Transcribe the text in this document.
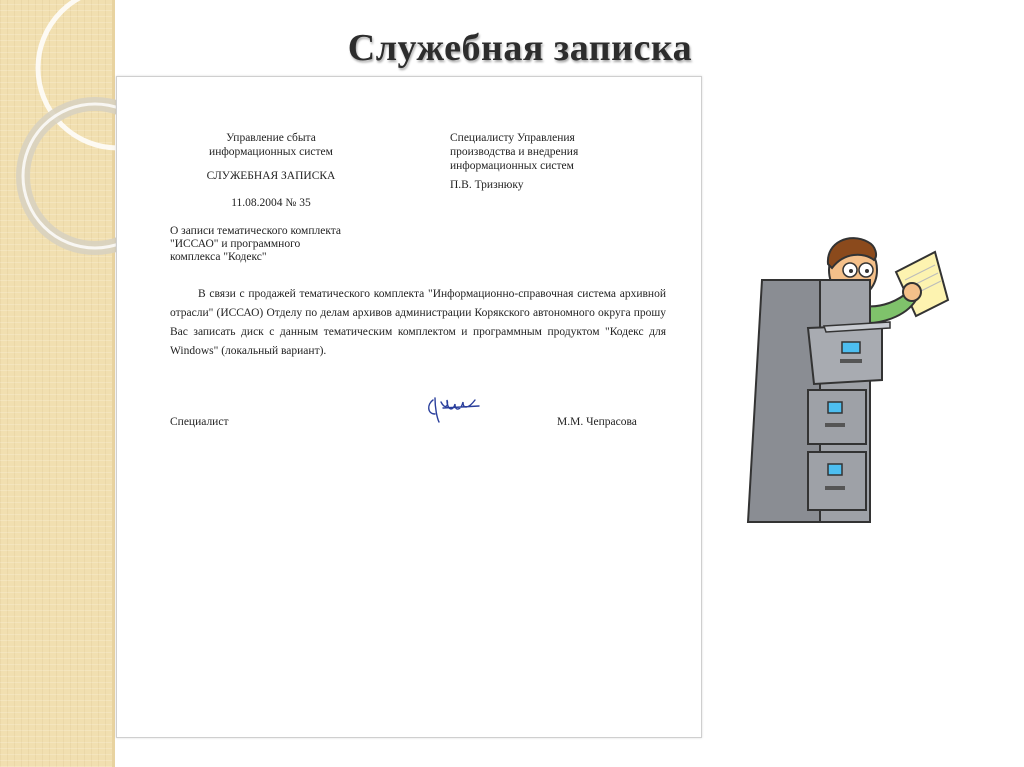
Служебная записка
Управление сбыта
информационных систем
СЛУЖЕБНАЯ ЗАПИСКА
11.08.2004 № 35
Специалисту Управления
производства и внедрения
информационных систем
П.В. Тризнюку
О записи тематического комплекта
"ИССАО" и программного
комплекса "Кодекс"
В связи с продажей тематического комплекта "Информационно-справочная система архивной отрасли" (ИССАО) Отделу по делам архивов администрации Корякского автономного округа прошу Вас записать диск с данным тематическим комплектом и программным продуктом "Кодекс для Windows" (локальный вариант).
Специалист	М.М. Чепрасова
